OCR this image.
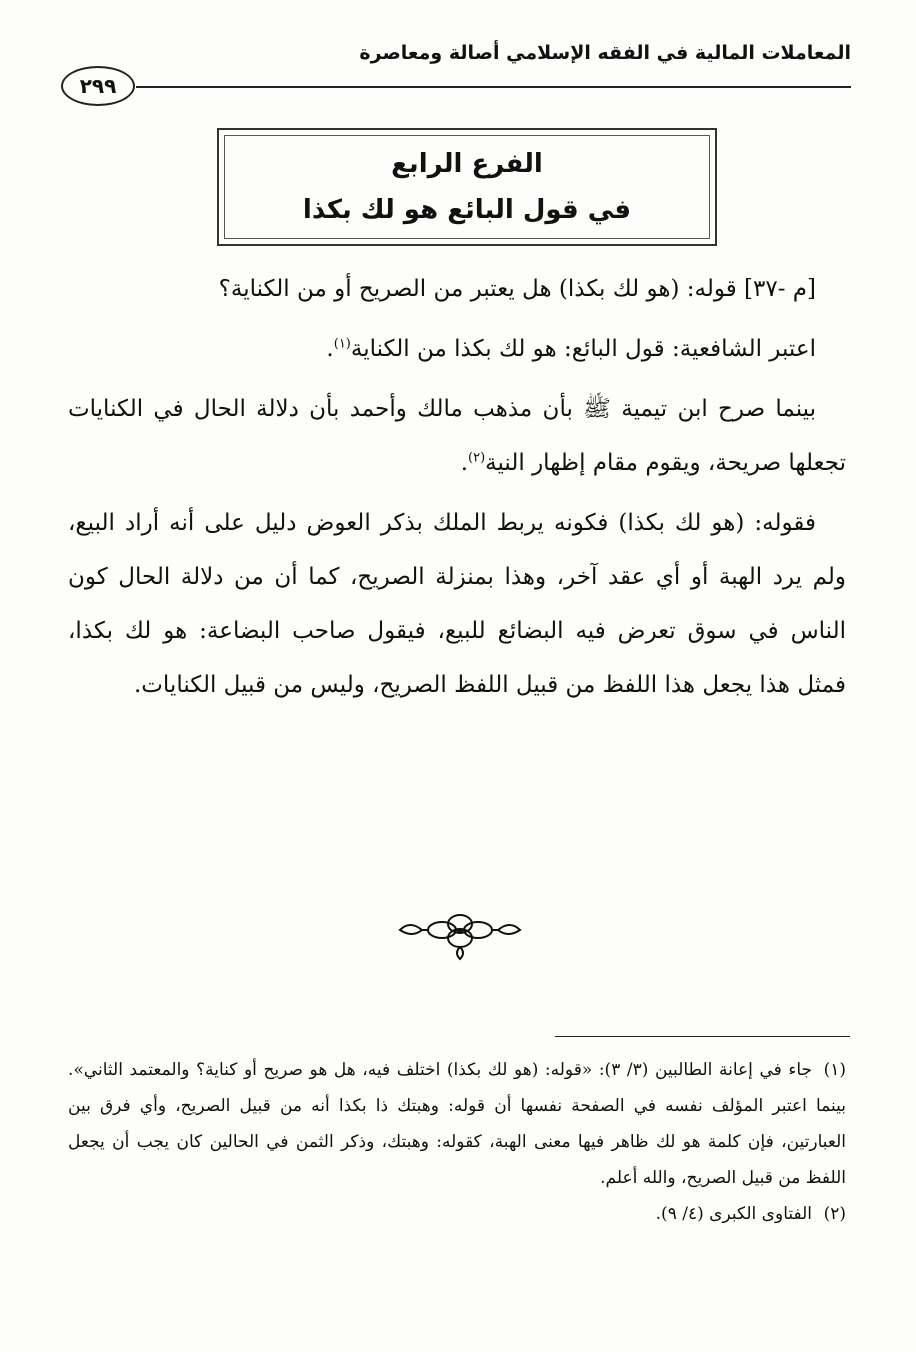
المعاملات المالية في الفقه الإسلامي أصالة ومعاصرة
٢٩٩
الفرع الرابع
في قول البائع هو لك بكذا

[م -٣٧] قوله: (هو لك بكذا) هل يعتبر من الصريح أو من الكناية؟

اعتبر الشافعية: قول البائع: هو لك بكذا من الكناية$^{(١)}$.

بينما صرح ابن تيمية ﷺ بأن مذهب مالك وأحمد بأن دلالة الحال في الكنايات تجعلها صريحة، ويقوم مقام إظهار النية$^{(٢)}$.

فقوله: (هو لك بكذا) فكونه يربط الملك بذكر العوض دليل على أنه أراد البيع، ولم يرد الهبة أو أي عقد آخر، وهذا بمنزلة الصريح، كما أن من دلالة الحال كون الناس في سوق تعرض فيه البضائع للبيع، فيقول صاحب البضاعة: هو لك بكذا، فمثل هذا يجعل هذا اللفظ من قبيل اللفظ الصريح، وليس من قبيل الكنايات.

(١)جاء في إعانة الطالبين (٣/ ٣): «قوله: (هو لك بكذا) اختلف فيه، هل هو صريح أو كناية؟ والمعتمد الثاني». بينما اعتبر المؤلف نفسه في الصفحة نفسها أن قوله: وهبتك ذا بكذا أنه من قبيل الصريح، وأي فرق بين العبارتين، فإن كلمة هو لك ظاهر فيها معنى الهبة، كقوله: وهبتك، وذكر الثمن في الحالين كان يجب أن يجعل اللفظ من قبيل الصريح، والله أعلم.

(٢)الفتاوى الكبرى (٤/ ٩).
